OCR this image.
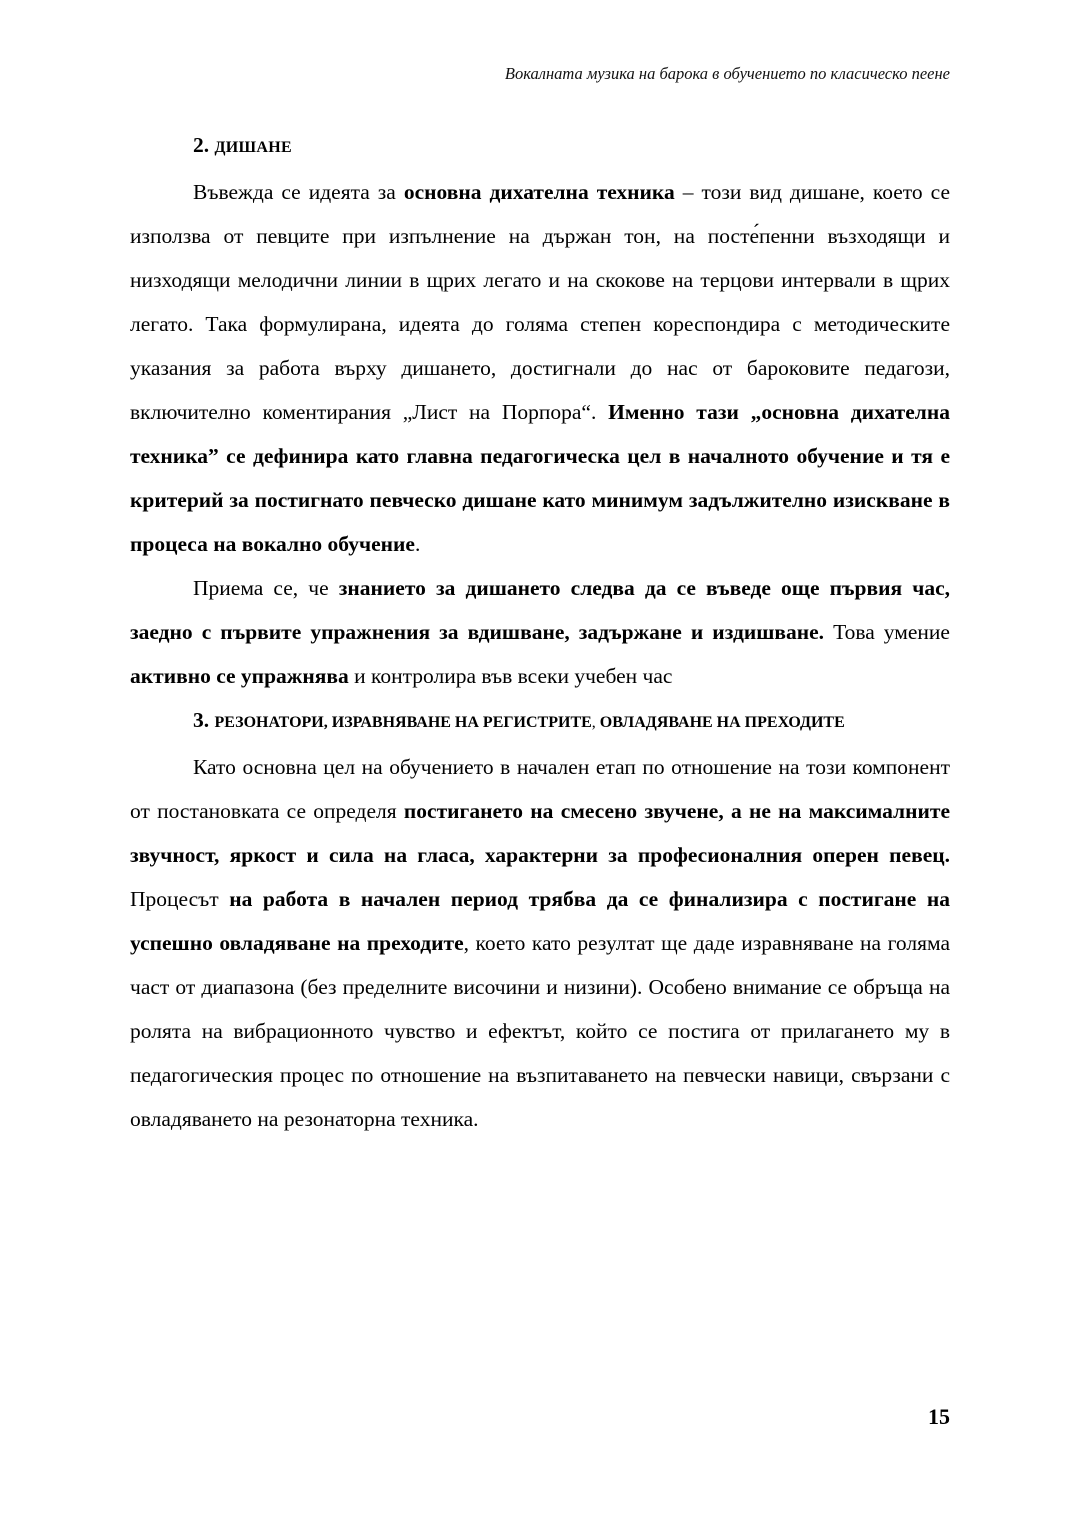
Вокалната музика на барока в обучението по класическо пеене
2. ДИШАНЕ

Въвежда се идеята за основна дихателна техника – този вид дишане, което се използва от певците при изпълнение на държан тон, на посте́пенни възходящи и низходящи мелодични линии в щрих легато и на скокове на терцови интервали в щрих легато. Така формулирана, идеята до голяма степен кореспондира с методическите указания за работа върху дишането, достигнали до нас от бароковите педагози, включително коментирания „Лист на Порпора“. Именно тази „основна дихателна техника” се дефинира като главна педагогическа цел в началното обучение и тя е критерий за постигнато певческо дишане като минимум задължително изискване в процеса на вокално обучение.

Приема се, че знанието за дишането следва да се въведе още първия час, заедно с първите упражнения за вдишване, задържане и издишване. Това умение активно се упражнява и контролира във всеки учебен час

3. РЕЗОНАТОРИ, ИЗРАВНЯВАНЕ НА РЕГИСТРИТЕ, ОВЛАДЯВАНЕ НА ПРЕХОДИТЕ

Като основна цел на обучението в начален етап по отношение на този компонент от постановката се определя постигането на смесено звучене, а не на максималните звучност, яркост и сила на гласа, характерни за професионалния оперен певец. Процесът на работа в начален период трябва да се финализира с постигане на успешно овладяване на преходите, което като резултат ще даде изравняване на голяма част от диапазона (без пределните височини и низини). Особено внимание се обръща на ролята на вибрационното чувство и ефектът, който се постига от прилагането му в педагогическия процес по отношение на възпитаването на певчески навици, свързани с овладяването на резонаторна техника.

15
